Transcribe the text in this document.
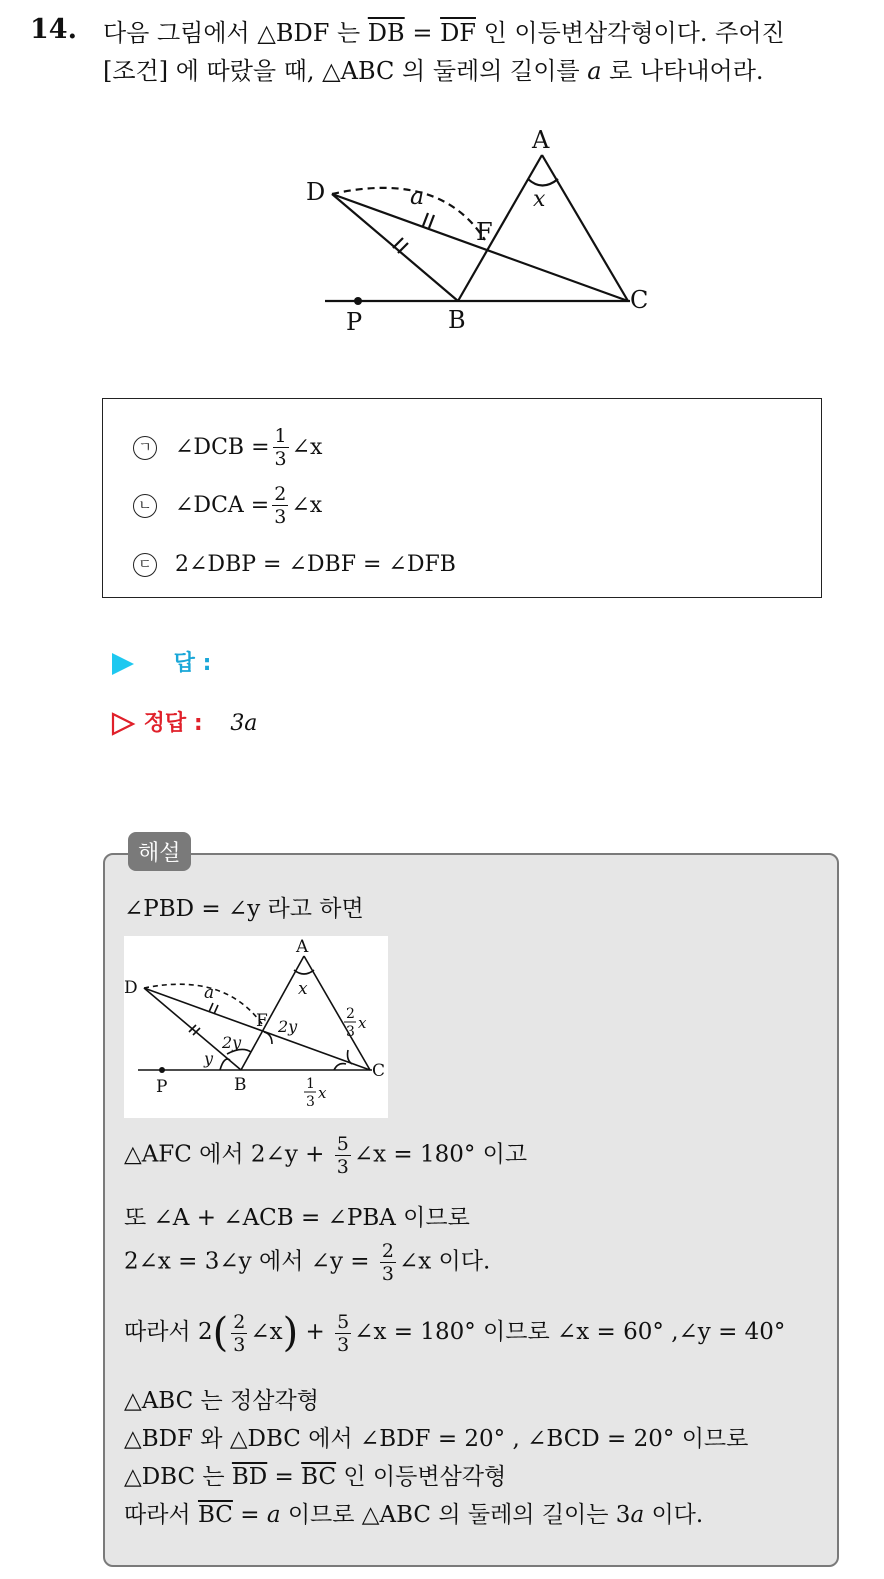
14. 다음 그림에서 △BDF 는 $\overline{DB} = \overline{DF}$ 인 이등변삼각형이다. 주어진
[조건] 에 따랐을 때, △ABC 의 둘레의 길이를 a 로 나타내어라.
A
D
F
C
B
P
a	x
ㄱ ∠DCB = $\frac{1}{3}$ ∠x
ㄴ ∠DCA = $\frac{2}{3}$ ∠x
ㄷ 2∠DBP = ∠DBF = ∠DFB
답 :
정답 : 3a
해설
∠PBD = ∠y 라고 하면
A
D
F
C
B
P
a	x
2y
2y
y
2
3 x
1
3 x
△AFC 에서 2∠y + $\frac{5}{3}$ ∠x = 180° 이고
또 ∠A + ∠ACB = ∠PBA 이므로
2∠x = 3∠y 에서 ∠y = $\frac{2}{3}$ ∠x 이다.
따라서 $2( \frac{2}{3}$ ∠x) + $\frac{5}{3}$ ∠x = 180° 이므로 ∠x = 60° ,∠y = 40°
△ABC 는 정삼각형
△BDF 와 △DBC 에서 ∠BDF = 20° , ∠BCD = 20° 이므로
△DBC 는 $\overline{BD} = \overline{BC}$ 인 이등변삼각형
따라서 $\overline{BC} = a$ 이므로 △ABC 의 둘레의 길이는 3a 이다.
